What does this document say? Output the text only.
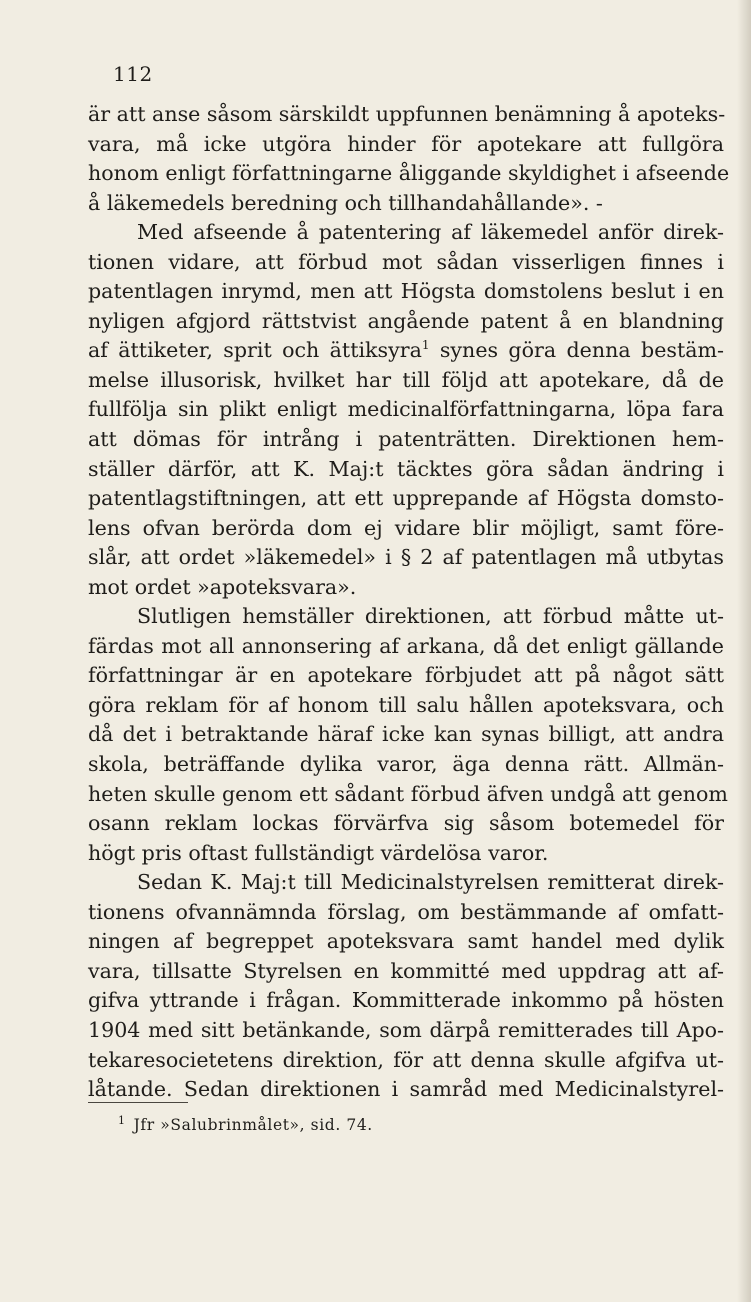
112
är att anse såsom särskildt uppfunnen benämning å apoteks-
vara, må icke utgöra hinder för apotekare att fullgöra
honom enligt författningarne åliggande skyldighet i afseende
å läkemedels beredning och tillhandahållande». -
Med afseende å patentering af läkemedel anför direk-
tionen vidare, att förbud mot sådan visserligen finnes i
patentlagen inrymd, men att Högsta domstolens beslut i en
nyligen afgjord rättstvist angående patent å en blandning
af ättiketer, sprit och ättiksyra$^1$ synes göra denna bestäm-
melse illusorisk, hvilket har till följd att apotekare, då de
fullfölja sin plikt enligt medicinalförfattningarna, löpa fara
att dömas för intrång i patenträtten. Direktionen hem-
ställer därför, att K. Maj:t täcktes göra sådan ändring i
patentlagstiftningen, att ett upprepande af Högsta domsto-
lens ofvan berörda dom ej vidare blir möjligt, samt före-
slår, att ordet »läkemedel» i § 2 af patentlagen må utbytas
mot ordet »apoteksvara».
Slutligen hemställer direktionen, att förbud måtte ut-
färdas mot all annonsering af arkana, då det enligt gällande
författningar är en apotekare förbjudet att på något sätt
göra reklam för af honom till salu hållen apoteksvara, och
då det i betraktande häraf icke kan synas billigt, att andra
skola, beträffande dylika varor, äga denna rätt. Allmän-
heten skulle genom ett sådant förbud äfven undgå att genom
osann reklam lockas förvärfva sig såsom botemedel för
högt pris oftast fullständigt värdelösa varor.
Sedan K. Maj:t till Medicinalstyrelsen remitterat direk-
tionens ofvannämnda förslag, om bestämmande af omfatt-
ningen af begreppet apoteksvara samt handel med dylik
vara, tillsatte Styrelsen en kommitté med uppdrag att af-
gifva yttrande i frågan. Kommitterade inkommo på hösten
1904 med sitt betänkande, som därpå remitterades till Apo-
tekaresocietetens direktion, för att denna skulle afgifva ut-
låtande. Sedan direktionen i samråd med Medicinalstyrel-
$^1$ Jfr »Salubrinmålet», sid. 74.
